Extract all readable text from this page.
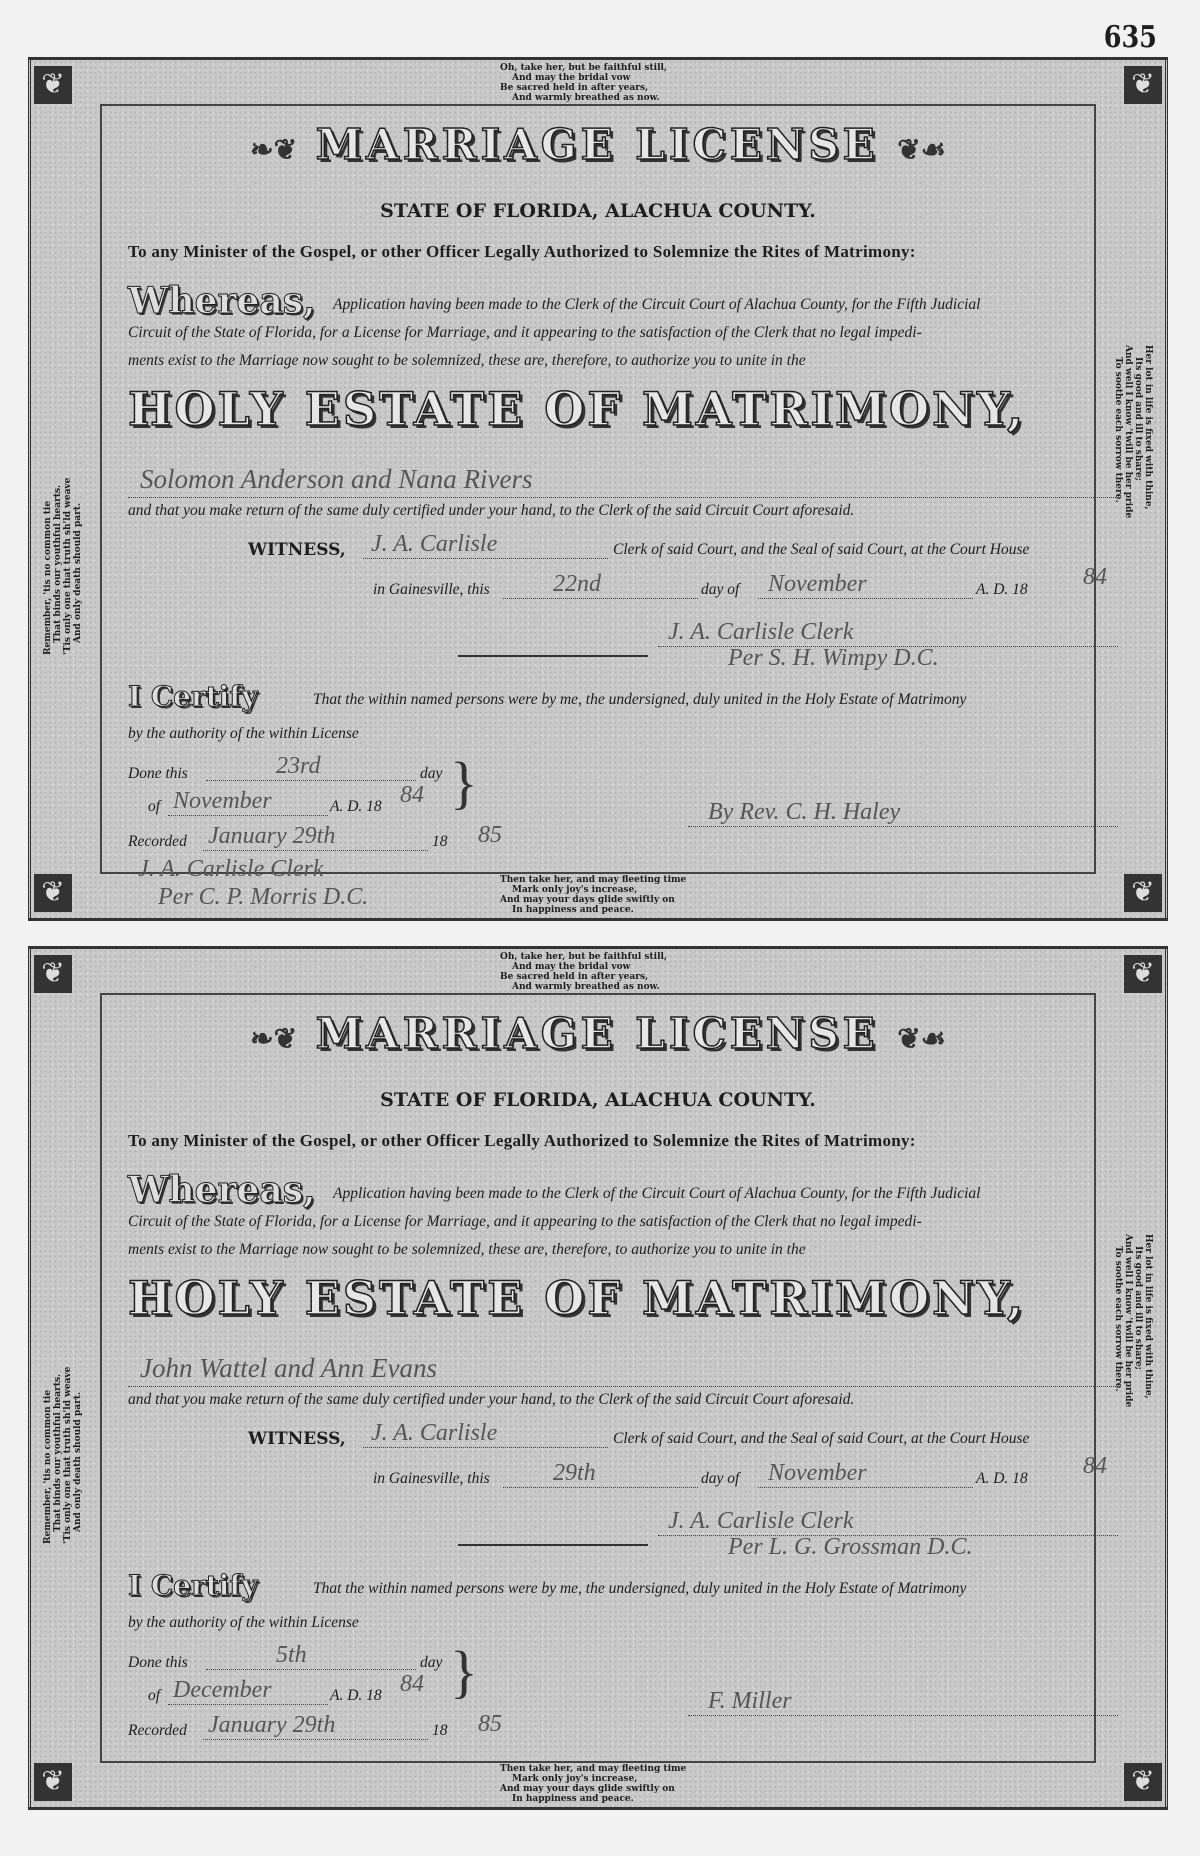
635
❦	❦
❦	❦
Oh, take her, but be faithful still,
And may the bridal vow
Be sacred held in after years,
And warmly breathed as now.
Then take her, and may fleeting time
Mark only joy's increase,
And may your days glide swiftly on
In happiness and peace.
Remember, 'tis no common tie That binds our youthful hearts. 'Tis only one that truth sh'ld weave And only death should part.
Her lot in life is fixed with thine,
Its good and ill to share;
And well I know 'twill be her pride
To soothe each sorrow there.
❧❦ MARRIAGE LICENSE ❦☙
STATE OF FLORIDA, ALACHUA COUNTY.
To any Minister of the Gospel, or other Officer Legally Authorized to Solemnize the Rites of Matrimony:
Whereas, Application having been made to the Clerk of the Circuit Court of Alachua County, for the Fifth Judicial
Circuit of the State of Florida, for a License for Marriage, and it appearing to the satisfaction of the Clerk that no legal impedi-
ments exist to the Marriage now sought to be solemnized, these are, therefore, to authorize you to unite in the
HOLY ESTATE OF MATRIMONY,
Solomon Anderson and Nana Rivers
and that you make return of the same duly certified under your hand, to the Clerk of the said Circuit Court aforesaid.
WITNESS, J. A. Carlisle	Clerk of said Court, and the Seal of said Court, at the Court House
in Gainesville, this	22nd	day of November	A. D. 18 84
J. A. Carlisle Clerk
Per S. H. Wimpy D.C.
I Certify	That the within named persons were by me, the undersigned, duly united in the Holy Estate of Matrimony
by the authority of the within License
Done this	23rd	day }
of November	A. D. 18 84
Recorded January 29th	18 85
J. A. Carlisle Clerk
Per C. P. Morris D.C.
By Rev. C. H. Haley
❦	❦
❦	❦
Oh, take her, but be faithful still,
And may the bridal vow
Be sacred held in after years,
And warmly breathed as now.
Then take her, and may fleeting time
Mark only joy's increase,
And may your days glide swiftly on
In happiness and peace.
Remember, 'tis no common tie That binds our youthful hearts. 'Tis only one that truth sh'ld weave And only death should part.
Her lot in life is fixed with thine,
Its good and ill to share;
And well I know 'twill be her pride
To soothe each sorrow there.
❧❦ MARRIAGE LICENSE ❦☙
STATE OF FLORIDA, ALACHUA COUNTY.
To any Minister of the Gospel, or other Officer Legally Authorized to Solemnize the Rites of Matrimony:
Whereas, Application having been made to the Clerk of the Circuit Court of Alachua County, for the Fifth Judicial
Circuit of the State of Florida, for a License for Marriage, and it appearing to the satisfaction of the Clerk that no legal impedi-
ments exist to the Marriage now sought to be solemnized, these are, therefore, to authorize you to unite in the
HOLY ESTATE OF MATRIMONY,
John Wattel and Ann Evans
and that you make return of the same duly certified under your hand, to the Clerk of the said Circuit Court aforesaid.
WITNESS, J. A. Carlisle	Clerk of said Court, and the Seal of said Court, at the Court House
in Gainesville, this	29th	day of November	A. D. 18 84
J. A. Carlisle Clerk
Per L. G. Grossman D.C.
I Certify	That the within named persons were by me, the undersigned, duly united in the Holy Estate of Matrimony
by the authority of the within License
Done this	5th	day }
of December	A. D. 18 84
Recorded January 29th	18 85
F. Miller
